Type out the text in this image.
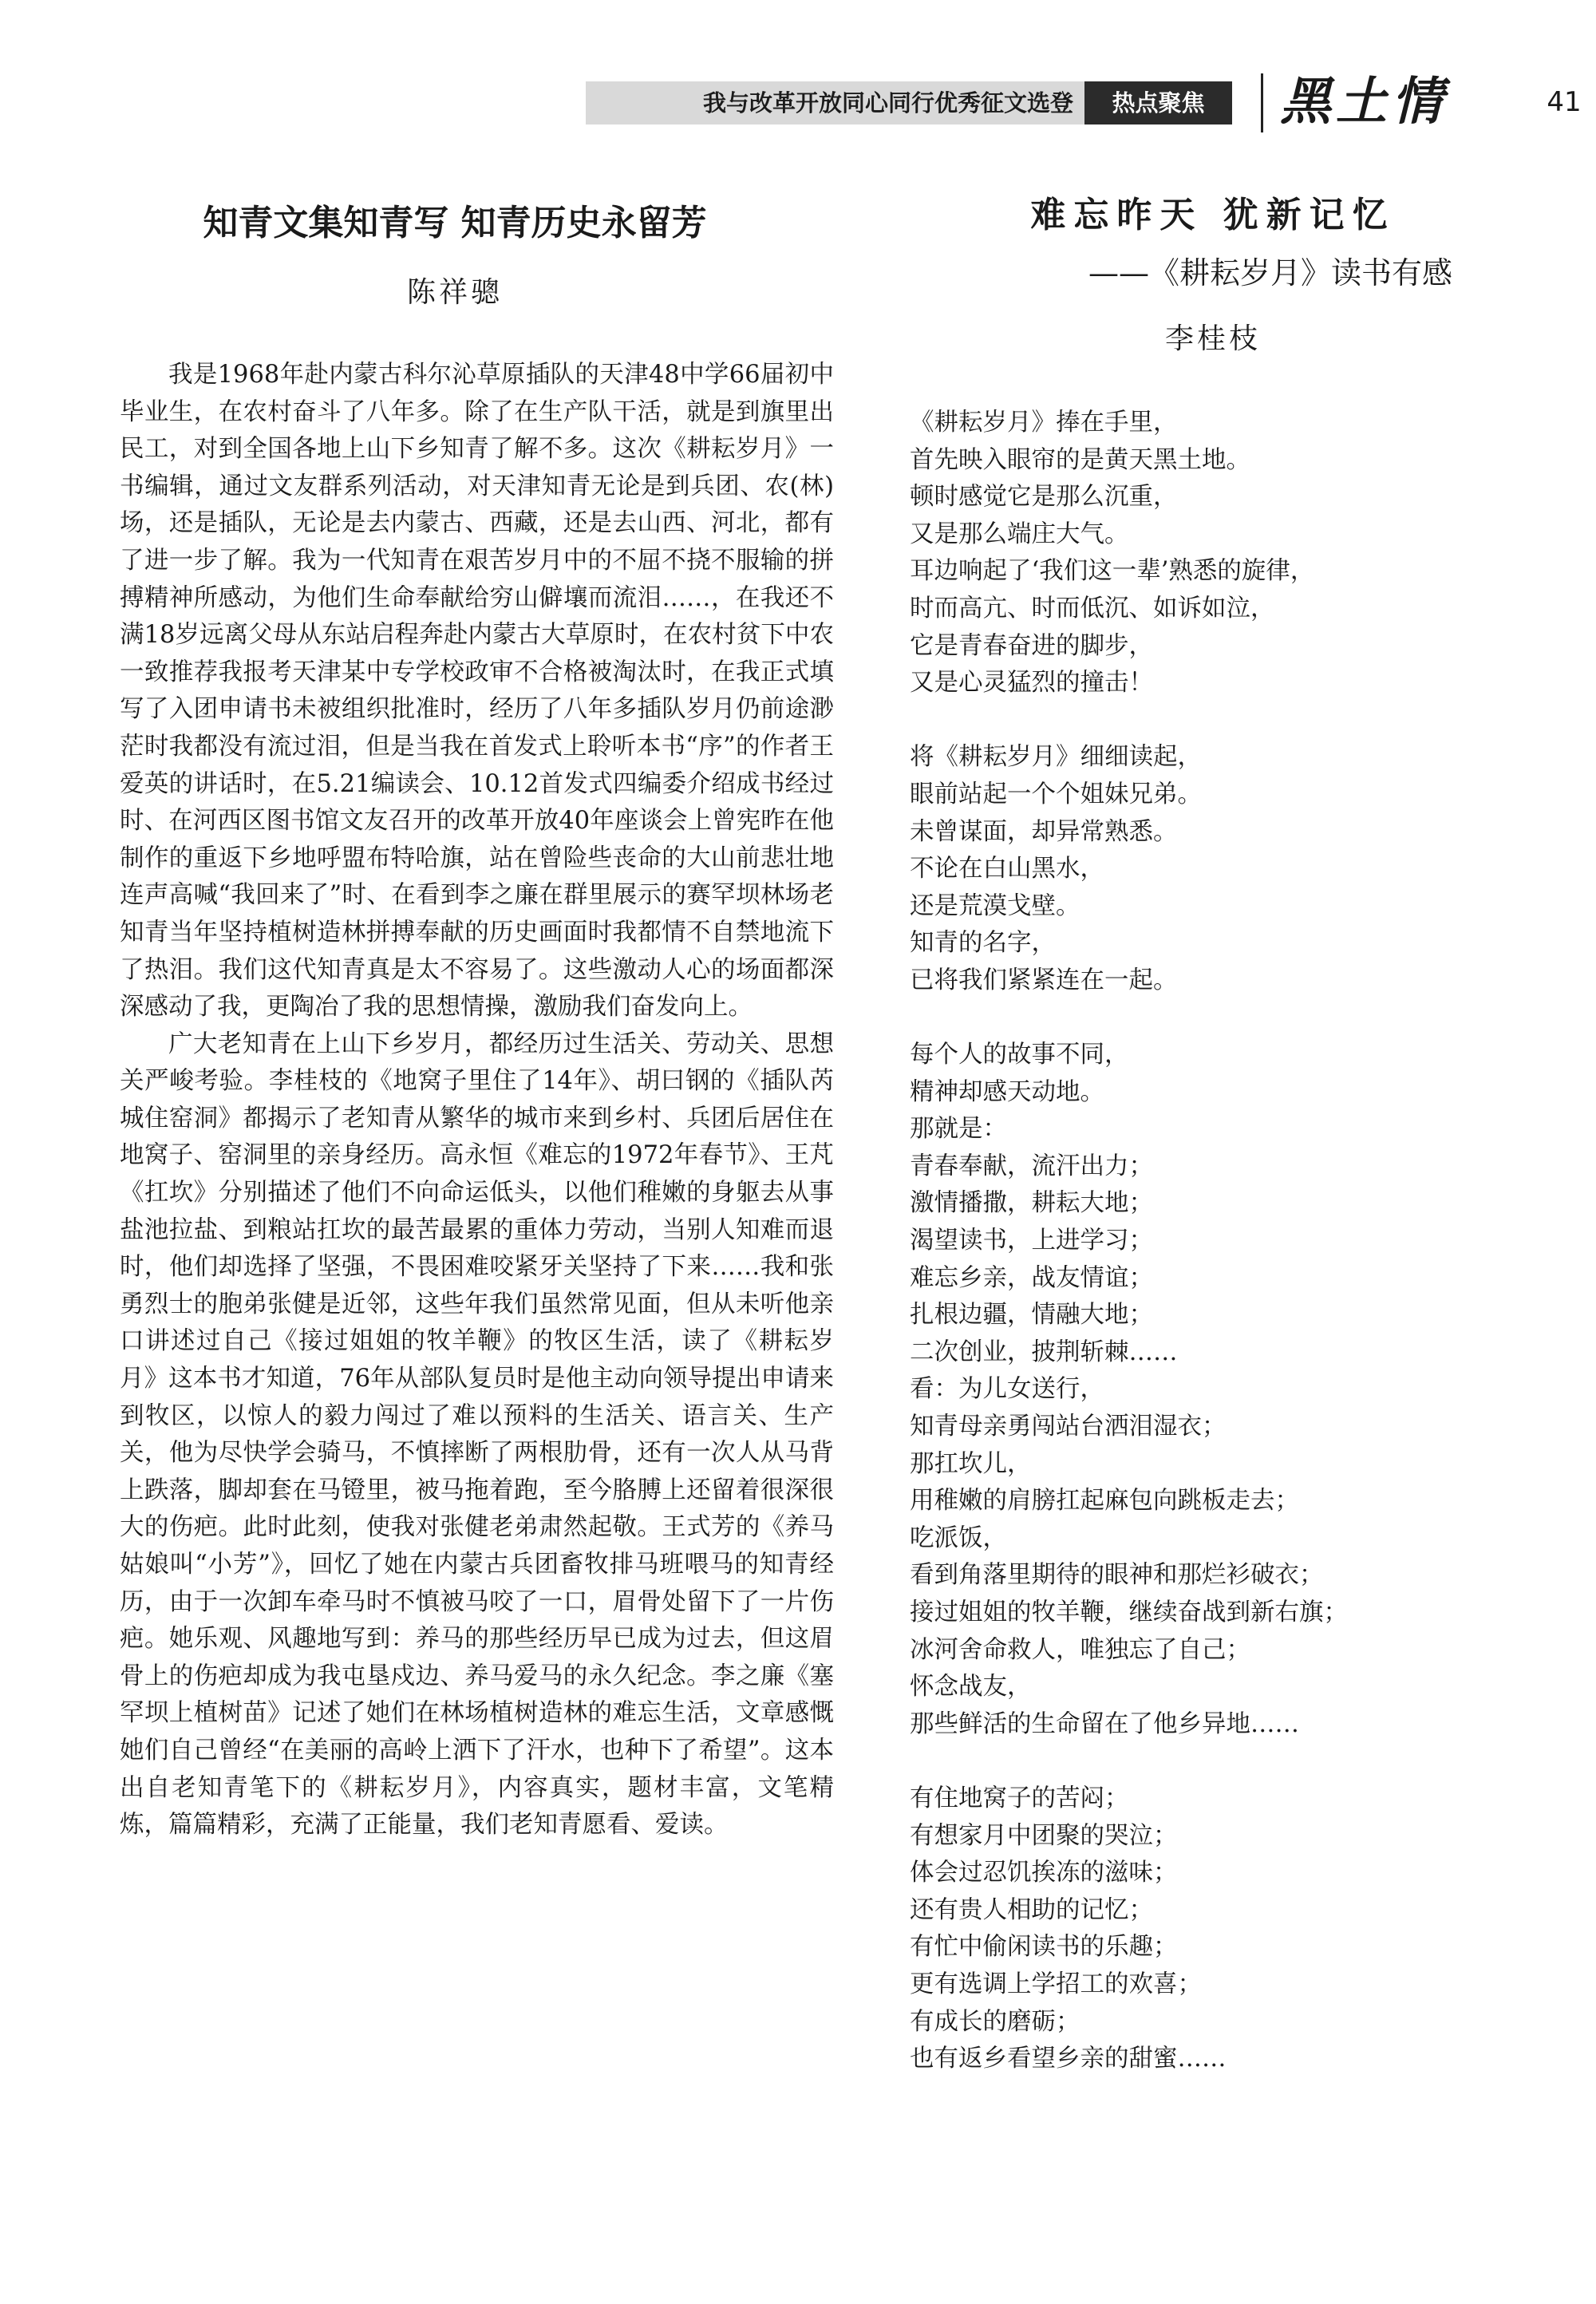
我与改革开放同心同行优秀征文选登	热点聚焦	黑土情	41
知青文集知青写 知青历史永留芳
陈祥骢

我是1968年赴内蒙古科尔沁草原插队的天津48中学66届初中毕业生，在农村奋斗了八年多。除了在生产队干活，就是到旗里出民工，对到全国各地上山下乡知青了解不多。这次《耕耘岁月》一书编辑，通过文友群系列活动，对天津知青无论是到兵团、农(林)场，还是插队，无论是去内蒙古、西藏，还是去山西、河北，都有了进一步了解。我为一代知青在艰苦岁月中的不屈不挠不服输的拼搏精神所感动，为他们生命奉献给穷山僻壤而流泪……，在我还不满18岁远离父母从东站启程奔赴内蒙古大草原时，在农村贫下中农一致推荐我报考天津某中专学校政审不合格被淘汰时，在我正式填写了入团申请书未被组织批准时，经历了八年多插队岁月仍前途渺茫时我都没有流过泪，但是当我在首发式上聆听本书“序”的作者王爱英的讲话时，在5.21编读会、10.12首发式四编委介绍成书经过时、在河西区图书馆文友召开的改革开放40年座谈会上曾宪昨在他制作的重返下乡地呼盟布特哈旗，站在曾险些丧命的大山前悲壮地连声高喊“我回来了”时、在看到李之廉在群里展示的赛罕坝林场老知青当年坚持植树造林拼搏奉献的历史画面时我都情不自禁地流下了热泪。我们这代知青真是太不容易了。这些激动人心的场面都深深感动了我，更陶冶了我的思想情操，激励我们奋发向上。

广大老知青在上山下乡岁月，都经历过生活关、劳动关、思想关严峻考验。李桂枝的《地窝子里住了14年》、胡曰钢的《插队芮城住窑洞》都揭示了老知青从繁华的城市来到乡村、兵团后居住在地窝子、窑洞里的亲身经历。高永恒《难忘的1972年春节》、王芃《扛坎》分别描述了他们不向命运低头，以他们稚嫩的身躯去从事盐池拉盐、到粮站扛坎的最苦最累的重体力劳动，当别人知难而退时，他们却选择了坚强，不畏困难咬紧牙关坚持了下来……我和张勇烈士的胞弟张健是近邻，这些年我们虽然常见面，但从未听他亲口讲述过自己《接过姐姐的牧羊鞭》的牧区生活，读了《耕耘岁月》这本书才知道，76年从部队复员时是他主动向领导提出申请来到牧区，以惊人的毅力闯过了难以预料的生活关、语言关、生产关，他为尽快学会骑马，不慎摔断了两根肋骨，还有一次人从马背上跌落，脚却套在马镫里，被马拖着跑，至今胳膊上还留着很深很大的伤疤。此时此刻，使我对张健老弟肃然起敬。王式芳的《养马姑娘叫“小芳”》，回忆了她在内蒙古兵团畜牧排马班喂马的知青经历，由于一次卸车牵马时不慎被马咬了一口，眉骨处留下了一片伤疤。她乐观、风趣地写到：养马的那些经历早已成为过去，但这眉骨上的伤疤却成为我屯垦戍边、养马爱马的永久纪念。李之廉《塞罕坝上植树苗》记述了她们在林场植树造林的难忘生活，文章感慨她们自己曾经“在美丽的高岭上洒下了汗水，也种下了希望”。这本出自老知青笔下的《耕耘岁月》，内容真实，题材丰富，文笔精炼，篇篇精彩，充满了正能量，我们老知青愿看、爱读。

难忘昨天 犹新记忆
——《耕耘岁月》读书有感
李桂枝
《耕耘岁月》捧在手里，
首先映入眼帘的是黄天黑土地。
顿时感觉它是那么沉重，
又是那么端庄大气。
耳边响起了‘我们这一辈’熟悉的旋律，
时而高亢、时而低沉、如诉如泣，
它是青春奋进的脚步，
又是心灵猛烈的撞击！
将《耕耘岁月》细细读起，
眼前站起一个个姐妹兄弟。
未曾谋面，却异常熟悉。
不论在白山黑水，
还是荒漠戈壁。
知青的名字，
已将我们紧紧连在一起。
每个人的故事不同，
精神却感天动地。
那就是：
青春奉献，流汗出力；
激情播撒，耕耘大地；
渴望读书，上进学习；
难忘乡亲，战友情谊；
扎根边疆，情融大地；
二次创业，披荆斩棘……
看：为儿女送行，
知青母亲勇闯站台洒泪湿衣；
那扛坎儿，
用稚嫩的肩膀扛起麻包向跳板走去；
吃派饭，
看到角落里期待的眼神和那烂衫破衣；
接过姐姐的牧羊鞭，继续奋战到新右旗；
冰河舍命救人，唯独忘了自己；
怀念战友，
那些鲜活的生命留在了他乡异地……
有住地窝子的苦闷；
有想家月中团聚的哭泣；
体会过忍饥挨冻的滋味；
还有贵人相助的记忆；
有忙中偷闲读书的乐趣；
更有选调上学招工的欢喜；
有成长的磨砺；
也有返乡看望乡亲的甜蜜……
